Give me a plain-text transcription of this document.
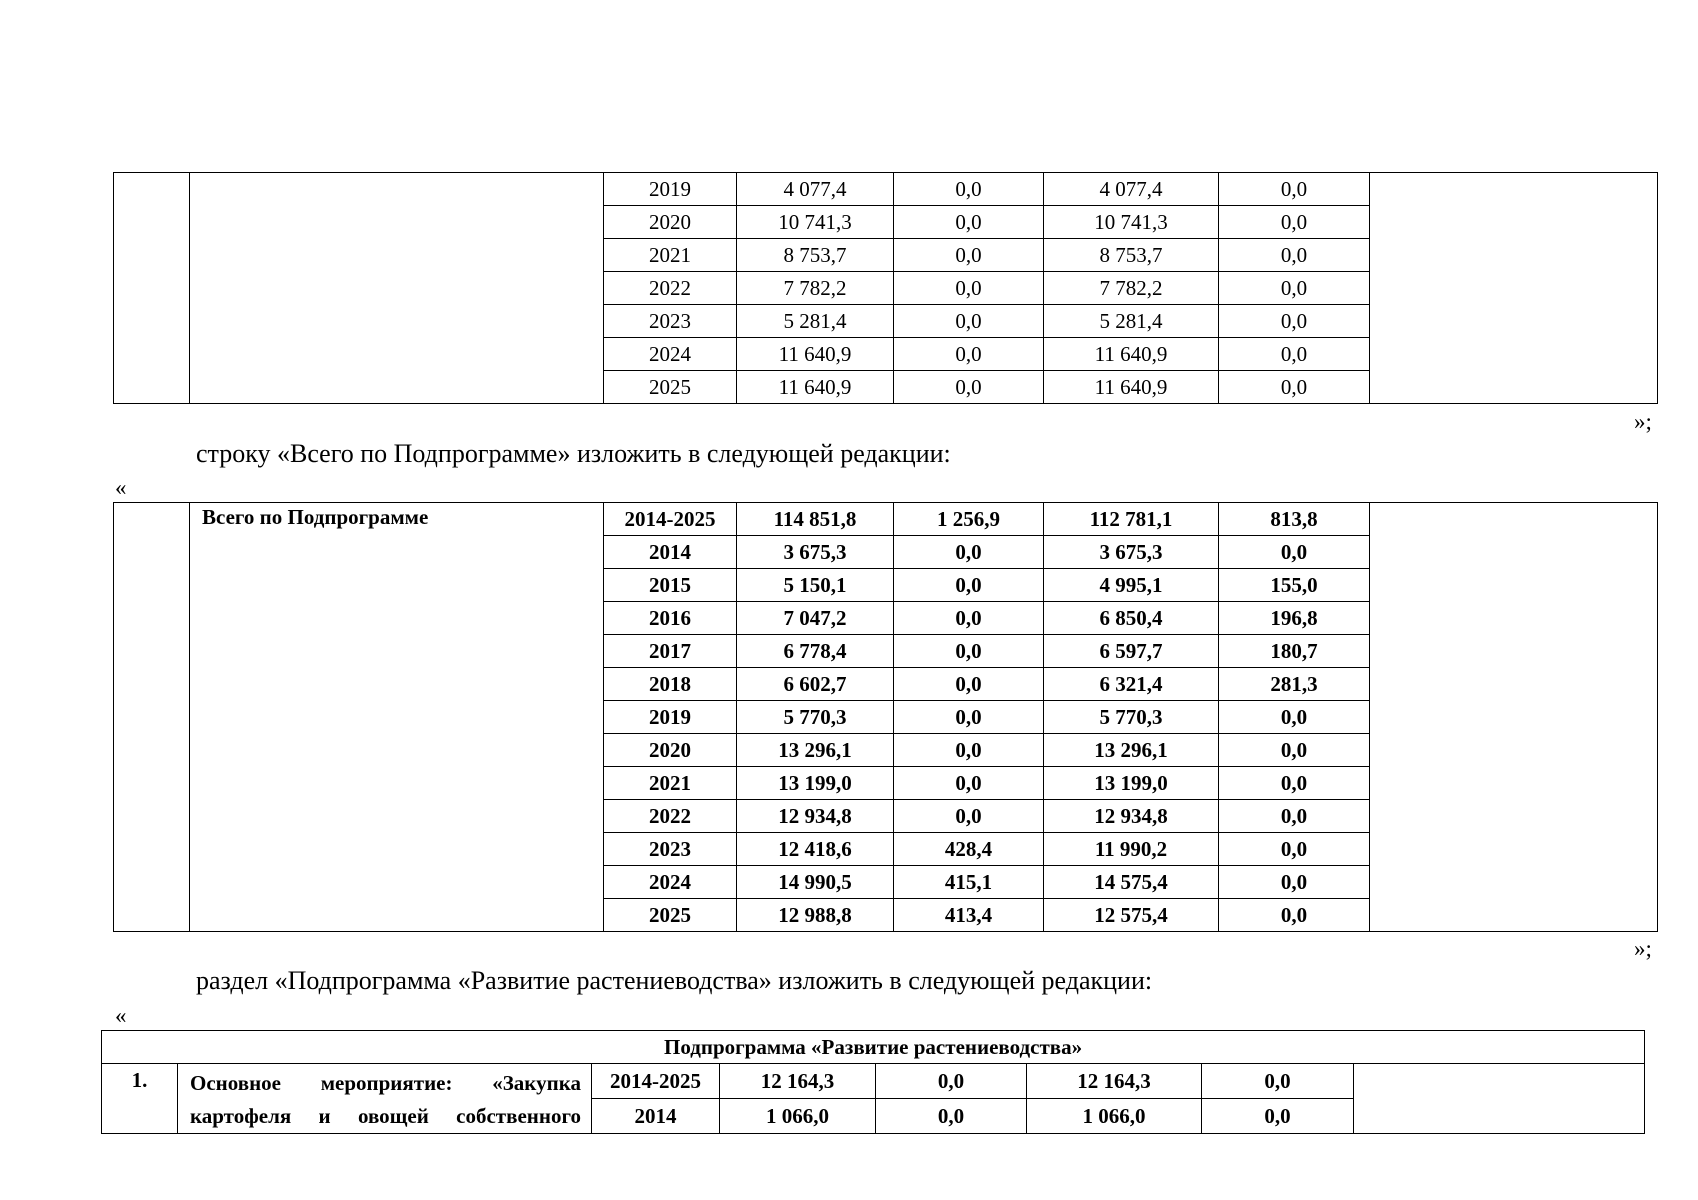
		2019	4 077,4	0,0	4 077,4	0,0	
		2020	10 741,3	0,0	10 741,3	0,0	
		2021	8 753,7	0,0	8 753,7	0,0	
		2022	7 782,2	0,0	7 782,2	0,0	
		2023	5 281,4	0,0	5 281,4	0,0	
		2024	11 640,9	0,0	11 640,9	0,0	
		2025	11 640,9	0,0	11 640,9	0,0	
»;
строку «Всего по Подпрограмме» изложить в следующей редакции:
«
	Всего по Подпрограмме	2014-2025	114 851,8	1 256,9	112 781,1	813,8	
		2014	3 675,3	0,0	3 675,3	0,0	
		2015	5 150,1	0,0	4 995,1	155,0	
		2016	7 047,2	0,0	6 850,4	196,8	
		2017	6 778,4	0,0	6 597,7	180,7	
		2018	6 602,7	0,0	6 321,4	281,3	
		2019	5 770,3	0,0	5 770,3	0,0	
		2020	13 296,1	0,0	13 296,1	0,0	
		2021	13 199,0	0,0	13 199,0	0,0	
		2022	12 934,8	0,0	12 934,8	0,0	
		2023	12 418,6	428,4	11 990,2	0,0	
		2024	14 990,5	415,1	14 575,4	0,0	
		2025	12 988,8	413,4	12 575,4	0,0	
»;
раздел «Подпрограмма «Развитие растениеводства» изложить в следующей редакции:
«
Подпрограмма «Развитие растениеводства»							
1.	Основное мероприятие: «Закупка картофеля и овощей собственного	2014-2025	12 164,3	0,0	12 164,3	0,0	
		2014	1 066,0	0,0	1 066,0	0,0	
